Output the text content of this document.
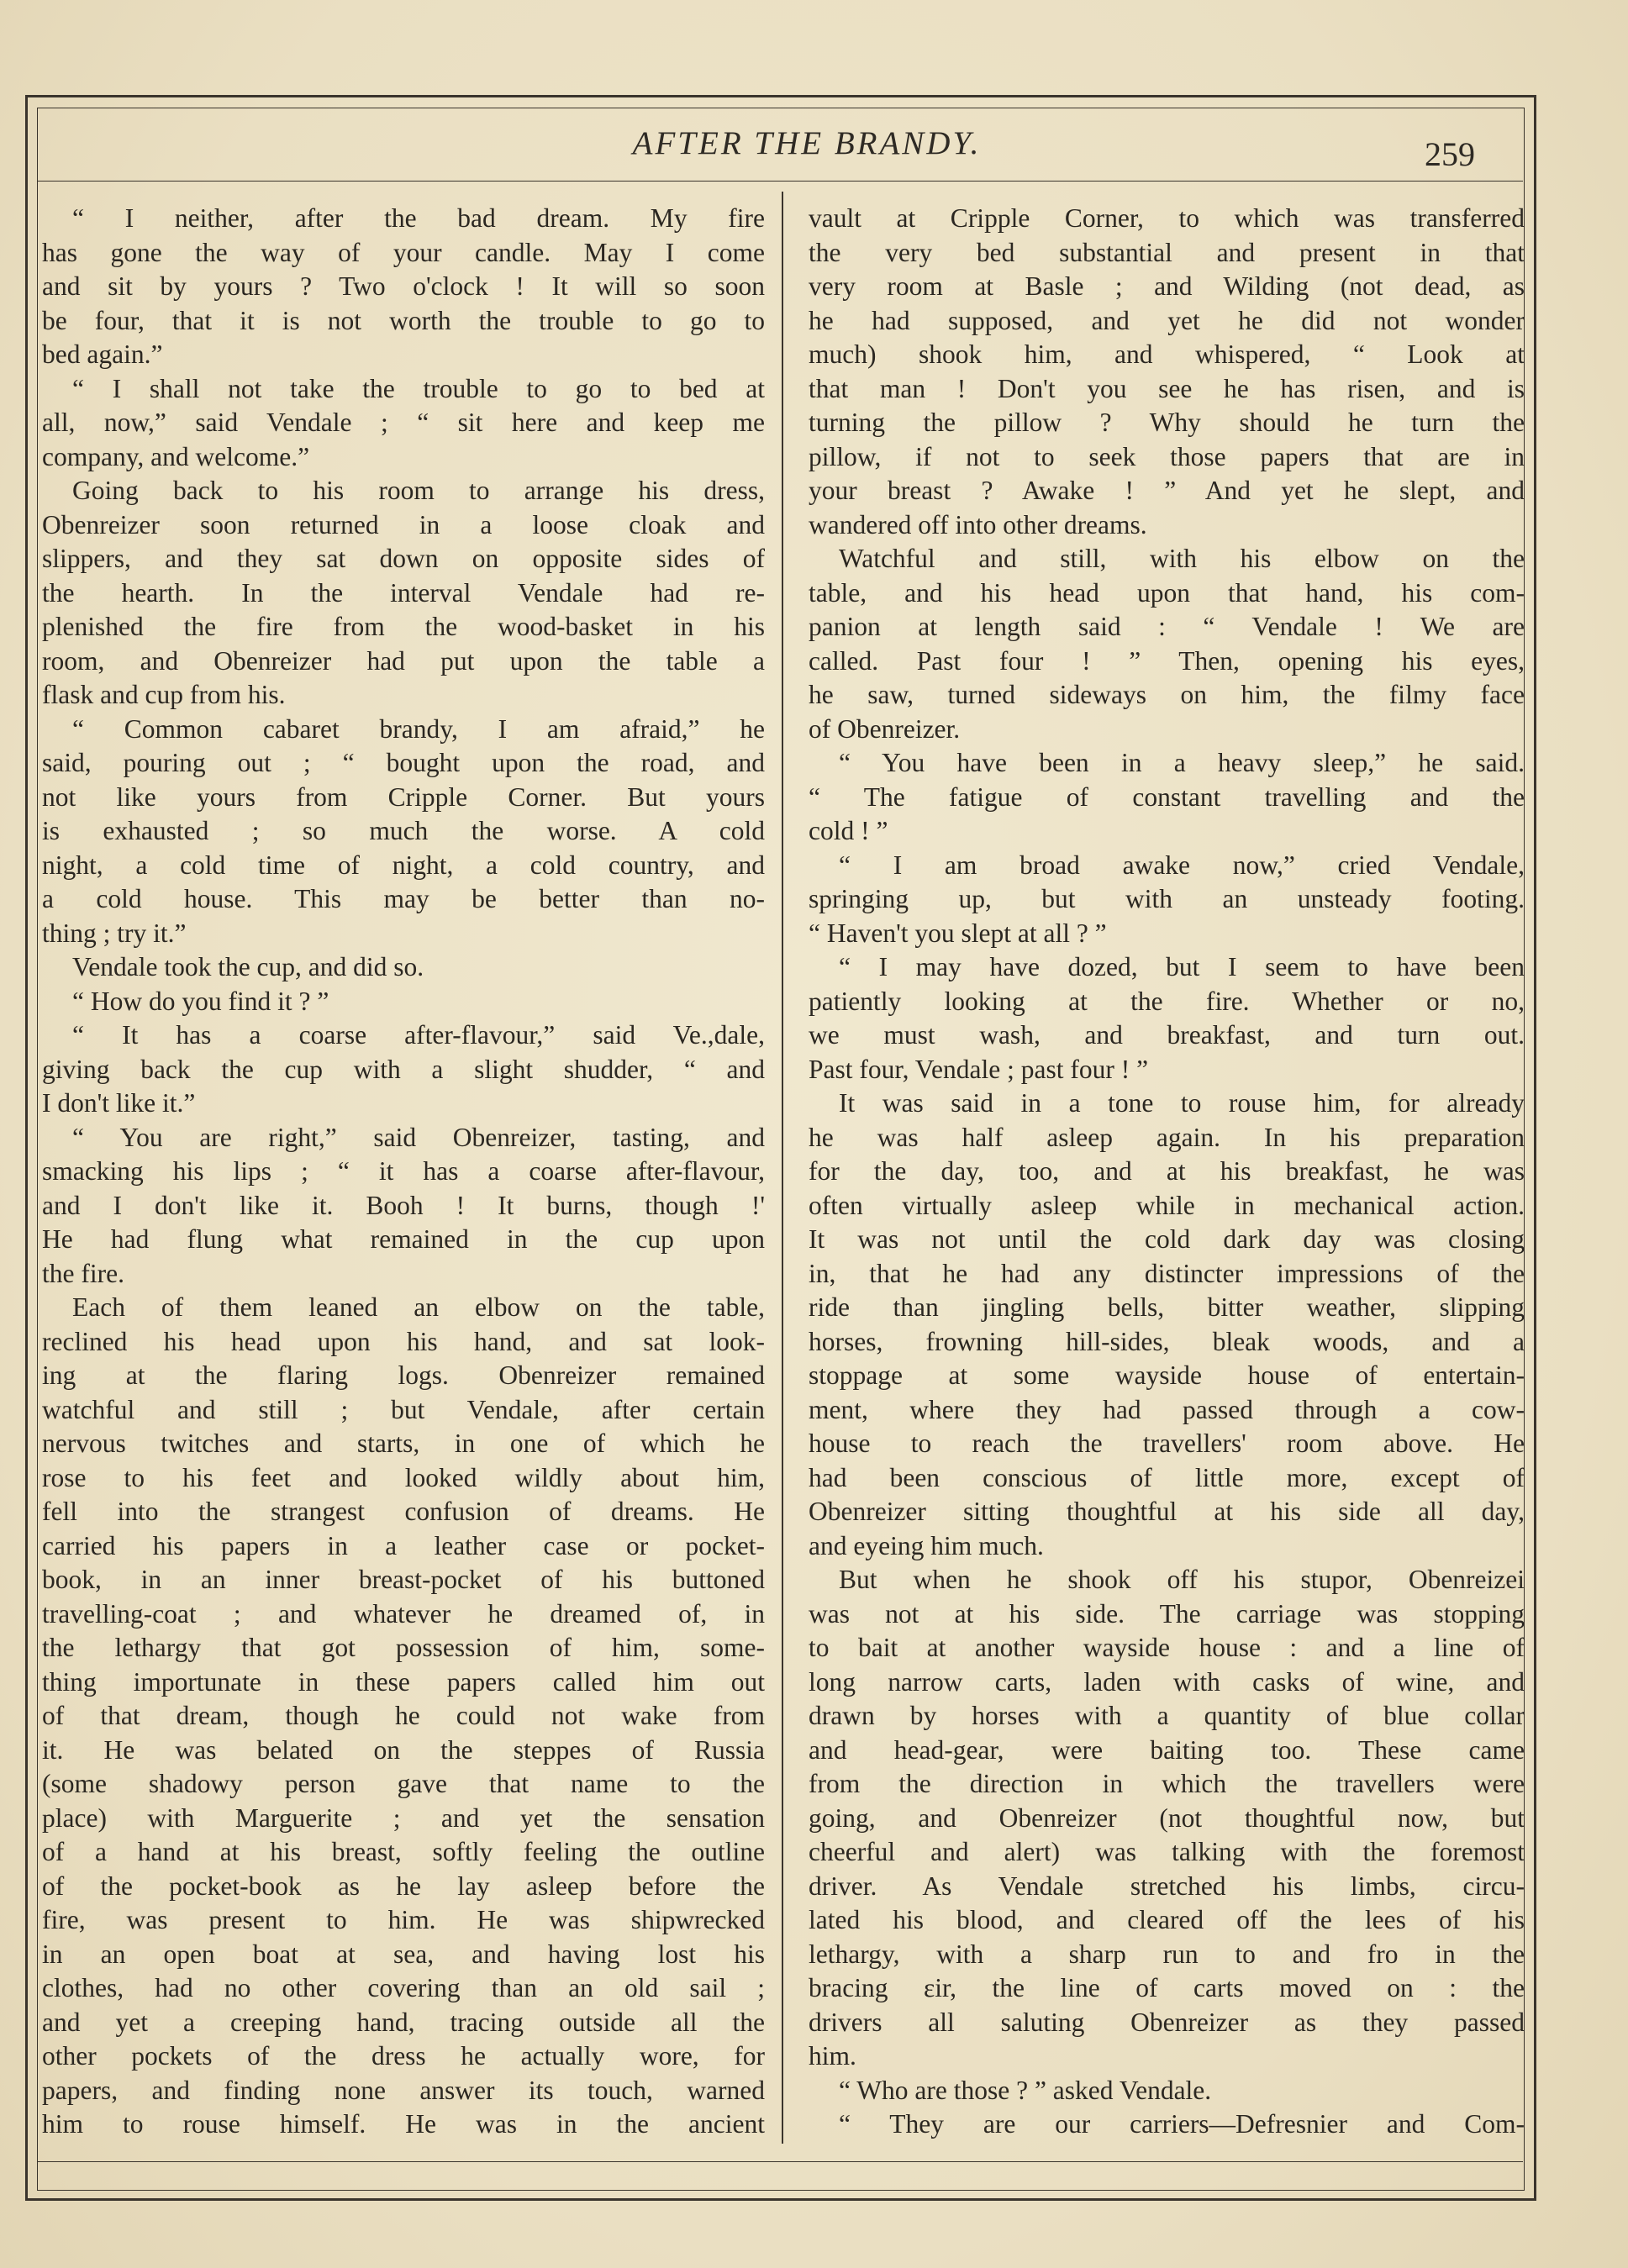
AFTER THE BRANDY.	259
“ I neither, after the bad dream. My fire
has gone the way of your candle. May I come
and sit by yours ? Two o'clock ! It will so soon
be four, that it is not worth the trouble to go to
bed again.”
“ I shall not take the trouble to go to bed at
all, now,” said Vendale ; “ sit here and keep me
company, and welcome.”
Going back to his room to arrange his dress,
Obenreizer soon returned in a loose cloak and
slippers, and they sat down on opposite sides of
the hearth. In the interval Vendale had re-
plenished the fire from the wood-basket in his
room, and Obenreizer had put upon the table a
flask and cup from his.
“ Common cabaret brandy, I am afraid,” he
said, pouring out ; “ bought upon the road, and
not like yours from Cripple Corner. But yours
is exhausted ; so much the worse. A cold
night, a cold time of night, a cold country, and
a cold house. This may be better than no-
thing ; try it.”
Vendale took the cup, and did so.
“ How do you find it ? ”
“ It has a coarse after-flavour,” said Ve.,dale,
giving back the cup with a slight shudder, “ and
I don't like it.”
“ You are right,” said Obenreizer, tasting, and
smacking his lips ; “ it has a coarse after-flavour,
and I don't like it. Booh ! It burns, though !'
He had flung what remained in the cup upon
the fire.
Each of them leaned an elbow on the table,
reclined his head upon his hand, and sat look-
ing at the flaring logs. Obenreizer remained
watchful and still ; but Vendale, after certain
nervous twitches and starts, in one of which he
rose to his feet and looked wildly about him,
fell into the strangest confusion of dreams. He
carried his papers in a leather case or pocket-
book, in an inner breast-pocket of his buttoned
travelling-coat ; and whatever he dreamed of, in
the lethargy that got possession of him, some-
thing importunate in these papers called him out
of that dream, though he could not wake from
it. He was belated on the steppes of Russia
(some shadowy person gave that name to the
place) with Marguerite ; and yet the sensation
of a hand at his breast, softly feeling the outline
of the pocket-book as he lay asleep before the
fire, was present to him. He was shipwrecked
in an open boat at sea, and having lost his
clothes, had no other covering than an old sail ;
and yet a creeping hand, tracing outside all the
other pockets of the dress he actually wore, for
papers, and finding none answer its touch, warned
him to rouse himself. He was in the ancient
vault at Cripple Corner, to which was transferred
the very bed substantial and present in that
very room at Basle ; and Wilding (not dead, as
he had supposed, and yet he did not wonder
much) shook him, and whispered, “ Look at
that man ! Don't you see he has risen, and is
turning the pillow ? Why should he turn the
pillow, if not to seek those papers that are in
your breast ? Awake ! ” And yet he slept, and
wandered off into other dreams.
Watchful and still, with his elbow on the
table, and his head upon that hand, his com-
panion at length said : “ Vendale ! We are
called. Past four ! ” Then, opening his eyes,
he saw, turned sideways on him, the filmy face
of Obenreizer.
“ You have been in a heavy sleep,” he said.
“ The fatigue of constant travelling and the
cold ! ”
“ I am broad awake now,” cried Vendale,
springing up, but with an unsteady footing.
“ Haven't you slept at all ? ”
“ I may have dozed, but I seem to have been
patiently looking at the fire. Whether or no,
we must wash, and breakfast, and turn out.
Past four, Vendale ; past four ! ”
It was said in a tone to rouse him, for already
he was half asleep again. In his preparation
for the day, too, and at his breakfast, he was
often virtually asleep while in mechanical action.
It was not until the cold dark day was closing
in, that he had any distincter impressions of the
ride than jingling bells, bitter weather, slipping
horses, frowning hill-sides, bleak woods, and a
stoppage at some wayside house of entertain-
ment, where they had passed through a cow-
house to reach the travellers' room above. He
had been conscious of little more, except of
Obenreizer sitting thoughtful at his side all day,
and eyeing him much.
But when he shook off his stupor, Obenreizei
was not at his side. The carriage was stopping
to bait at another wayside house : and a line of
long narrow carts, laden with casks of wine, and
drawn by horses with a quantity of blue collar
and head-gear, were baiting too. These came
from the direction in which the travellers were
going, and Obenreizer (not thoughtful now, but
cheerful and alert) was talking with the foremost
driver. As Vendale stretched his limbs, circu-
lated his blood, and cleared off the lees of his
lethargy, with a sharp run to and fro in the
bracing εir, the line of carts moved on : the
drivers all saluting Obenreizer as they passed
him.
“ Who are those ? ” asked Vendale.
“ They are our carriers—Defresnier and Com-
